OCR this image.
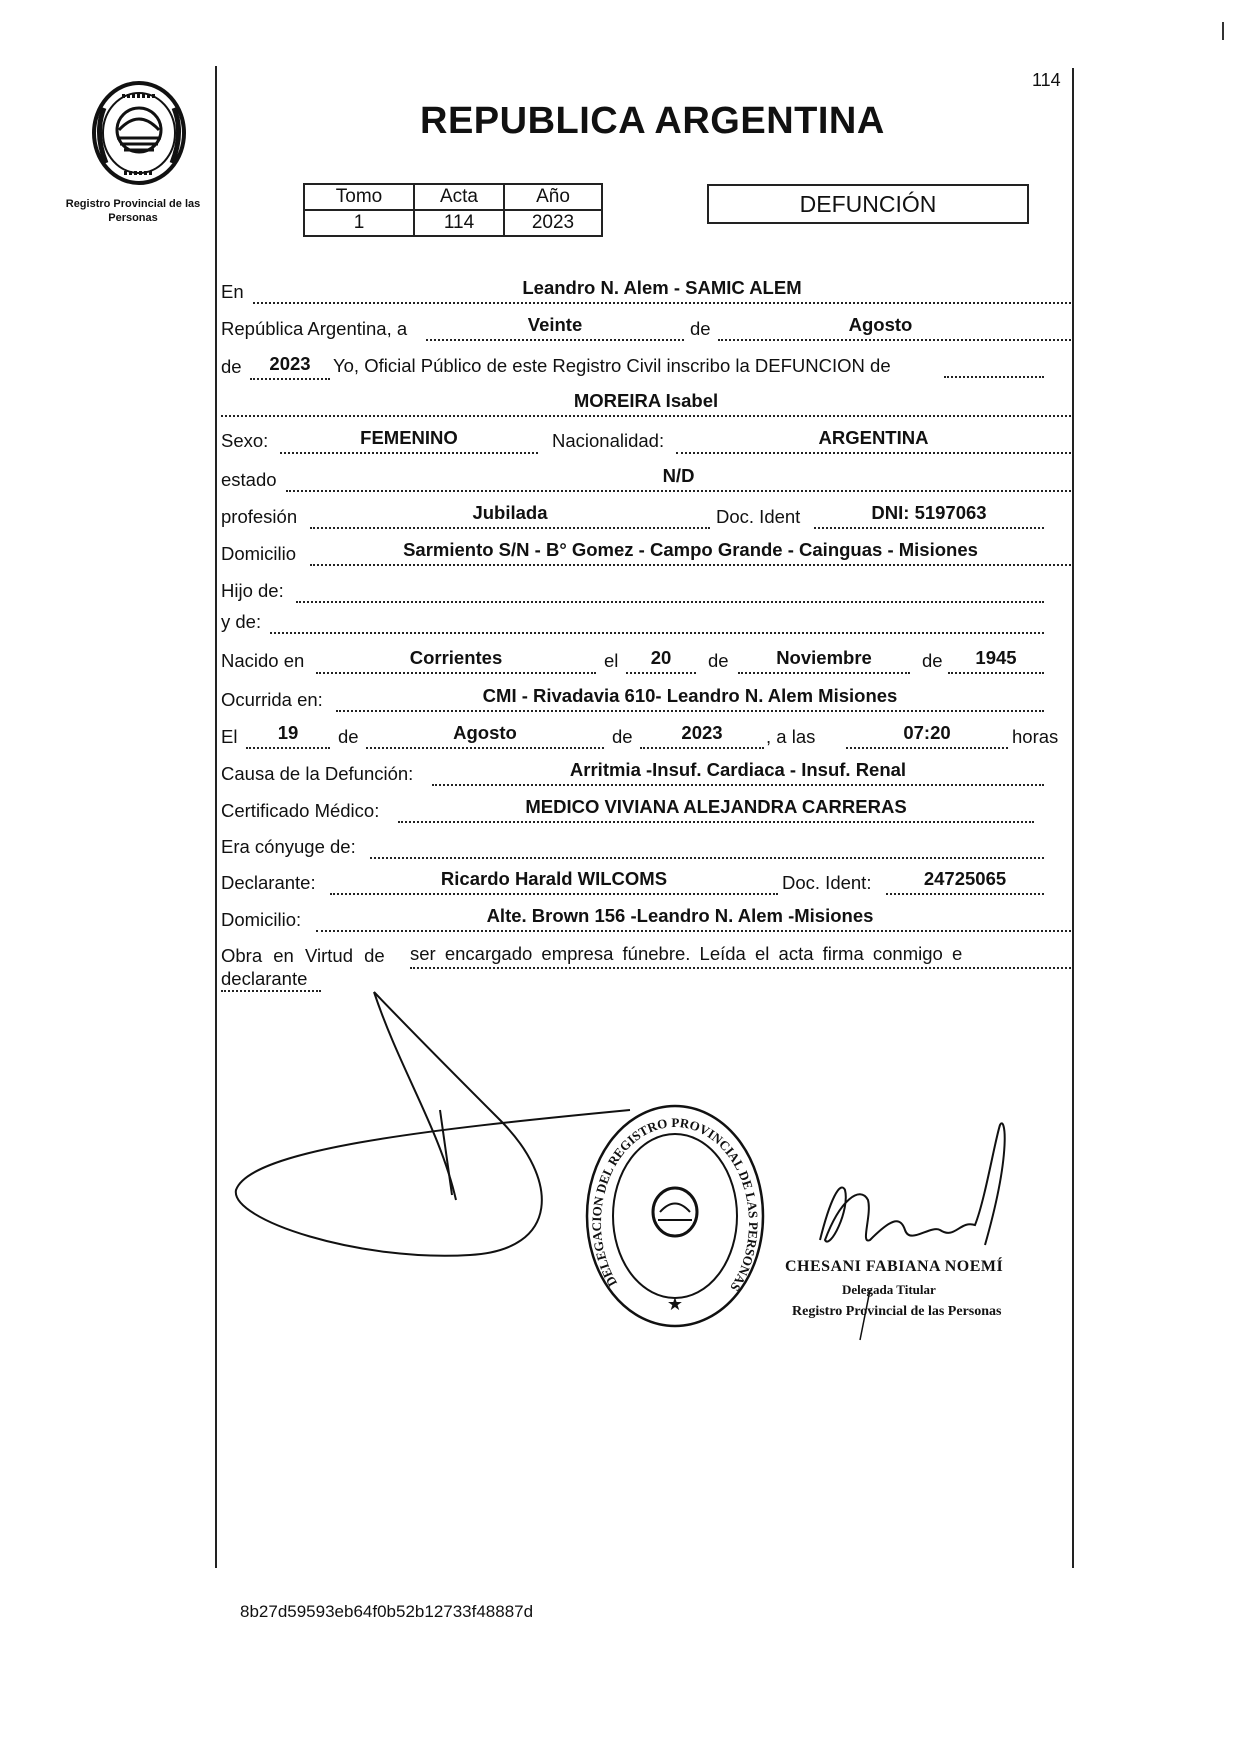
114
Registro Provincial de las Personas
REPUBLICA ARGENTINA
Tomo	Acta	Año
1	114	2023
DEFUNCIÓN
En	Leandro N. Alem - SAMIC ALEM
República Argentina, a	Veinte	de	Agosto
de	2023	Yo, Oficial Público de este Registro Civil inscribo la DEFUNCION de
MOREIRA Isabel
Sexo:	FEMENINO	Nacionalidad:	ARGENTINA
estado	N/D
profesión	Jubilada	Doc. Ident	DNI: 5197063
Domicilio	Sarmiento S/N - B° Gomez - Campo Grande - Cainguas - Misiones
Hijo de:
y de:
Nacido en	Corrientes	el	20	de	Noviembre	de	1945
Ocurrida en:	CMI - Rivadavia 610- Leandro N. Alem Misiones
El	19	de	Agosto	de	2023	, a las	07:20	horas
Causa de la Defunción:	Arritmia -Insuf. Cardiaca - Insuf. Renal
Certificado Médico:	MEDICO VIVIANA ALEJANDRA CARRERAS
Era cónyuge de:
Declarante:	Ricardo Harald WILCOMS	Doc. Ident:	24725065
Domicilio:	Alte. Brown 156 -Leandro N. Alem -Misiones
Obra en Virtud de ser encargado empresa fúnebre. Leída el acta firma conmigo e
declarante
DELEGACION DEL REGISTRO PROVINCIAL DE LAS PERSONAS
★
CHESANI FABIANA NOEMÍ
Delegada Titular
Registro Provincial de las Personas
8b27d59593eb64f0b52b12733f48887d
